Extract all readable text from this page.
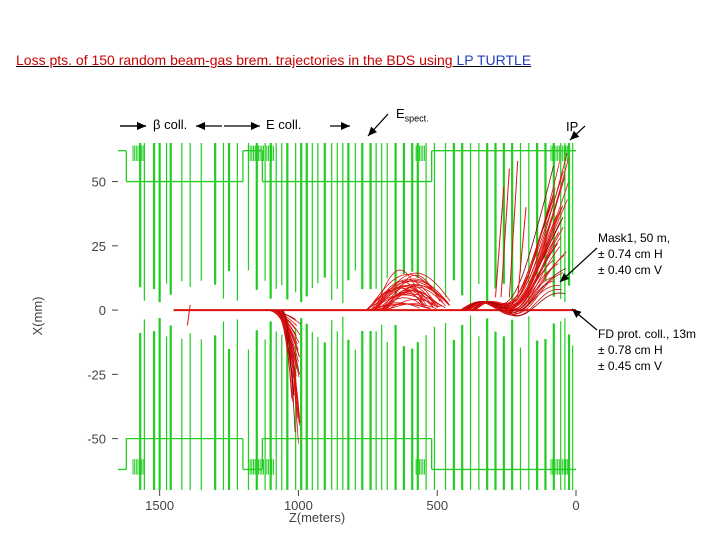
Loss pts. of 150 random beam-gas brem. trajectories in the BDS using LP TURTLE
50
25
0
-25
-50
1500	1000	500	0
Z(meters)
X(mm)
β coll.	E coll.
$E_{spect.}$
IP
Mask1, 50 m,
± 0.74 cm H
± 0.40 cm V
FD prot. coll., 13m
± 0.78 cm H
± 0.45 cm V
